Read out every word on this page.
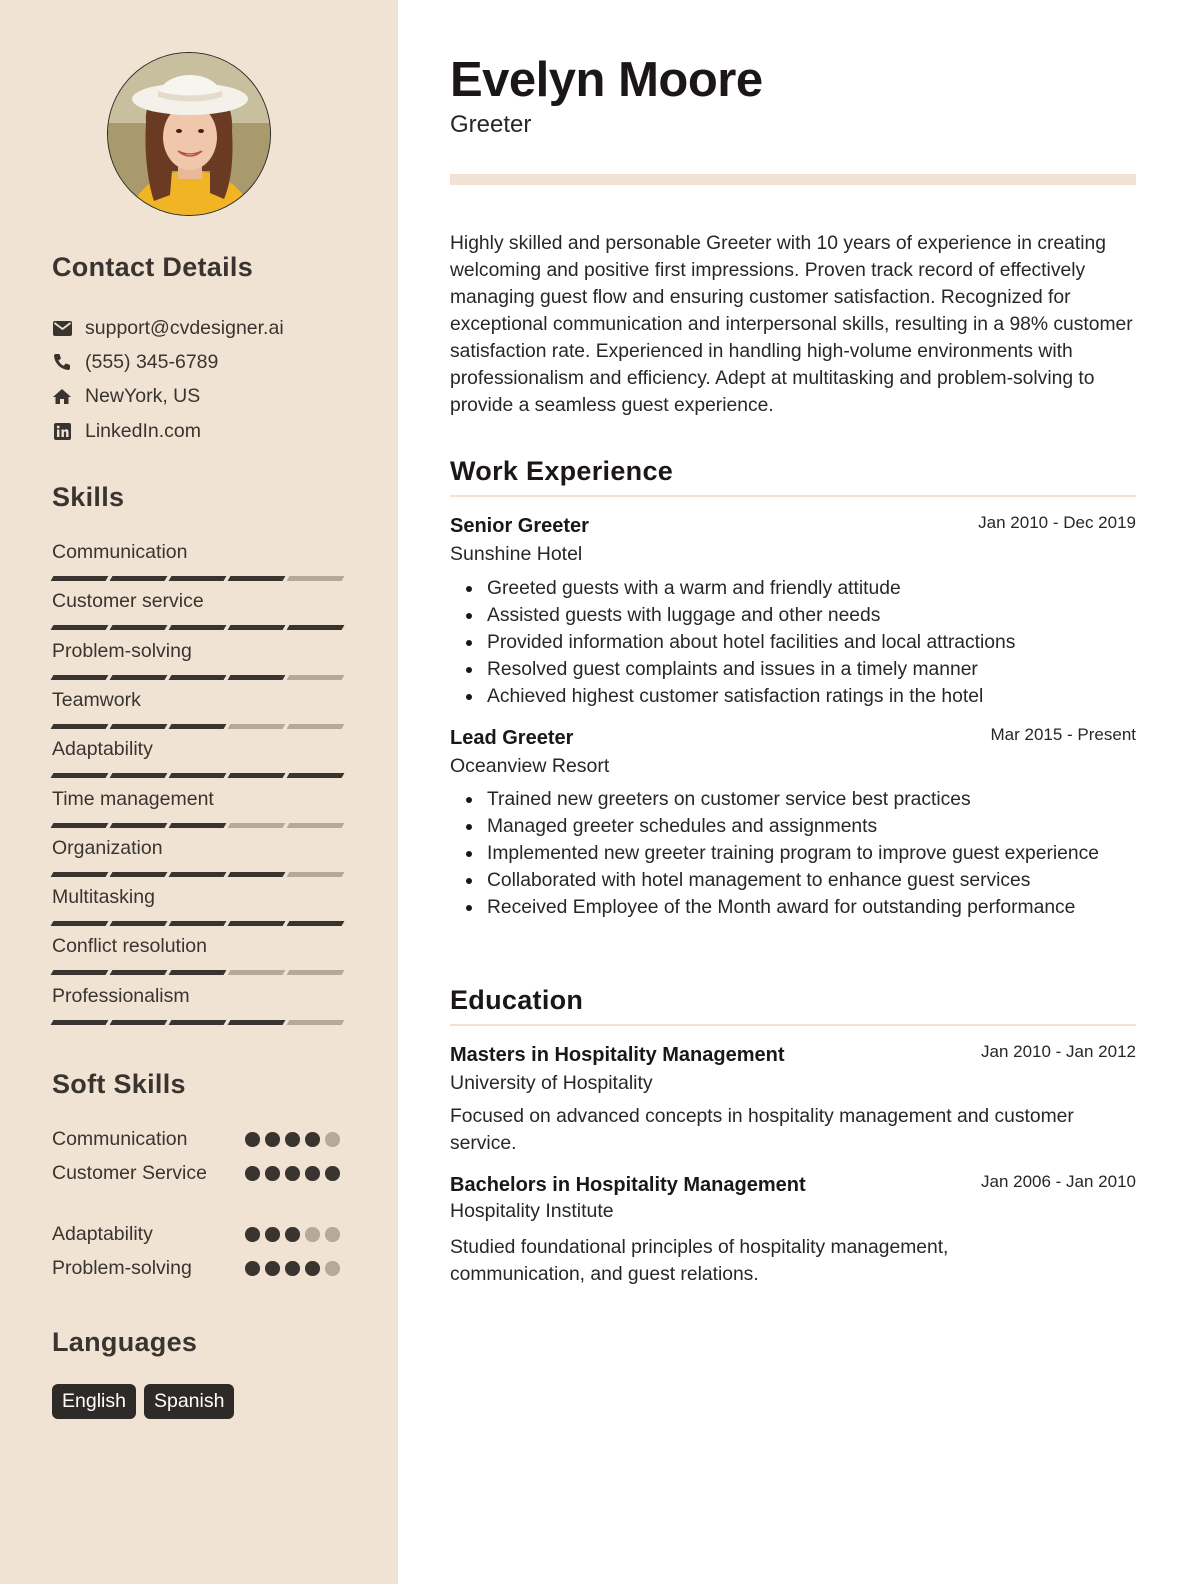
Contact Details
support@cvdesigner.ai
(555) 345-6789
NewYork, US
LinkedIn.com
Skills
Communication
Customer service
Problem-solving
Teamwork
Adaptability
Time management
Organization
Multitasking
Conflict resolution
Professionalism
Soft Skills
Communication
Customer Service
Adaptability
Problem-solving
Languages
English	Spanish
Evelyn Moore
Greeter

Highly skilled and personable Greeter with 10 years of experience in creating welcoming and positive first impressions. Proven track record of effectively managing guest flow and ensuring customer satisfaction. Recognized for exceptional communication and interpersonal skills, resulting in a 98% customer satisfaction rate. Experienced in handling high-volume environments with professionalism and efficiency. Adept at multitasking and problem-solving to provide a seamless guest experience.

Work Experience
Senior Greeter	Jan 2010 - Dec 2019
Sunshine Hotel
Greeted guests with a warm and friendly attitude
Assisted guests with luggage and other needs
Provided information about hotel facilities and local attractions
Resolved guest complaints and issues in a timely manner
Achieved highest customer satisfaction ratings in the hotel
Lead Greeter	Mar 2015 - Present
Oceanview Resort
Trained new greeters on customer service best practices
Managed greeter schedules and assignments
Implemented new greeter training program to improve guest experience
Collaborated with hotel management to enhance guest services
Received Employee of the Month award for outstanding performance
Education
Masters in Hospitality Management	Jan 2010 - Jan 2012
University of Hospitality

Focused on advanced concepts in hospitality management and customer service.

Bachelors in Hospitality Management	Jan 2006 - Jan 2010
Hospitality Institute

Studied foundational principles of hospitality management, communication, and guest relations.
